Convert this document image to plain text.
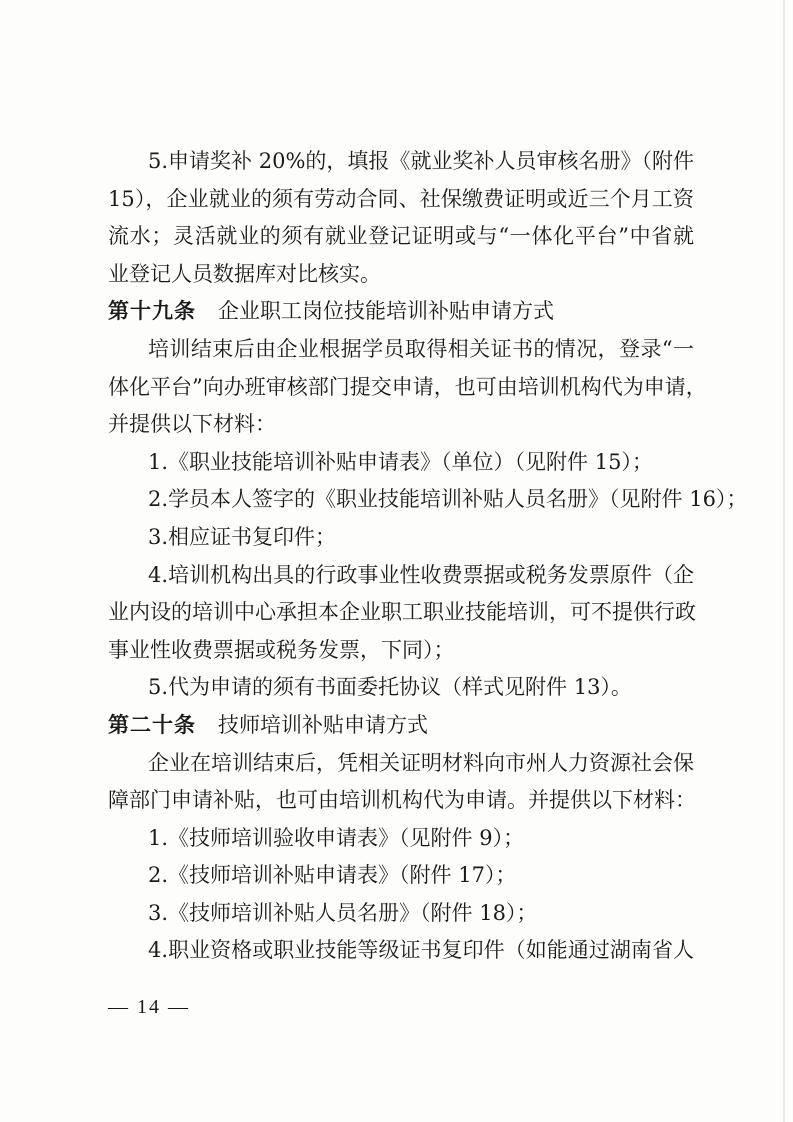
5.申请奖补 20%的，填报《就业奖补人员审核名册》（附件
15），企业就业的须有劳动合同、社保缴费证明或近三个月工资
流水；灵活就业的须有就业登记证明或与“一体化平台”中省就
业登记人员数据库对比核实。
第十九条 企业职工岗位技能培训补贴申请方式
培训结束后由企业根据学员取得相关证书的情况，登录“一
体化平台”向办班审核部门提交申请，也可由培训机构代为申请，
并提供以下材料：
1.《职业技能培训补贴申请表》（单位）（见附件 15）；
2.学员本人签字的《职业技能培训补贴人员名册》（见附件 16）；
3.相应证书复印件；
4.培训机构出具的行政事业性收费票据或税务发票原件（企
业内设的培训中心承担本企业职工职业技能培训，可不提供行政
事业性收费票据或税务发票，下同）；
5.代为申请的须有书面委托协议（样式见附件 13）。
第二十条 技师培训补贴申请方式
企业在培训结束后，凭相关证明材料向市州人力资源社会保
障部门申请补贴，也可由培训机构代为申请。并提供以下材料：
1.《技师培训验收申请表》（见附件 9）；
2.《技师培训补贴申请表》（附件 17）；
3.《技师培训补贴人员名册》（附件 18）；
4.职业资格或职业技能等级证书复印件（如能通过湖南省人
— 14 —
